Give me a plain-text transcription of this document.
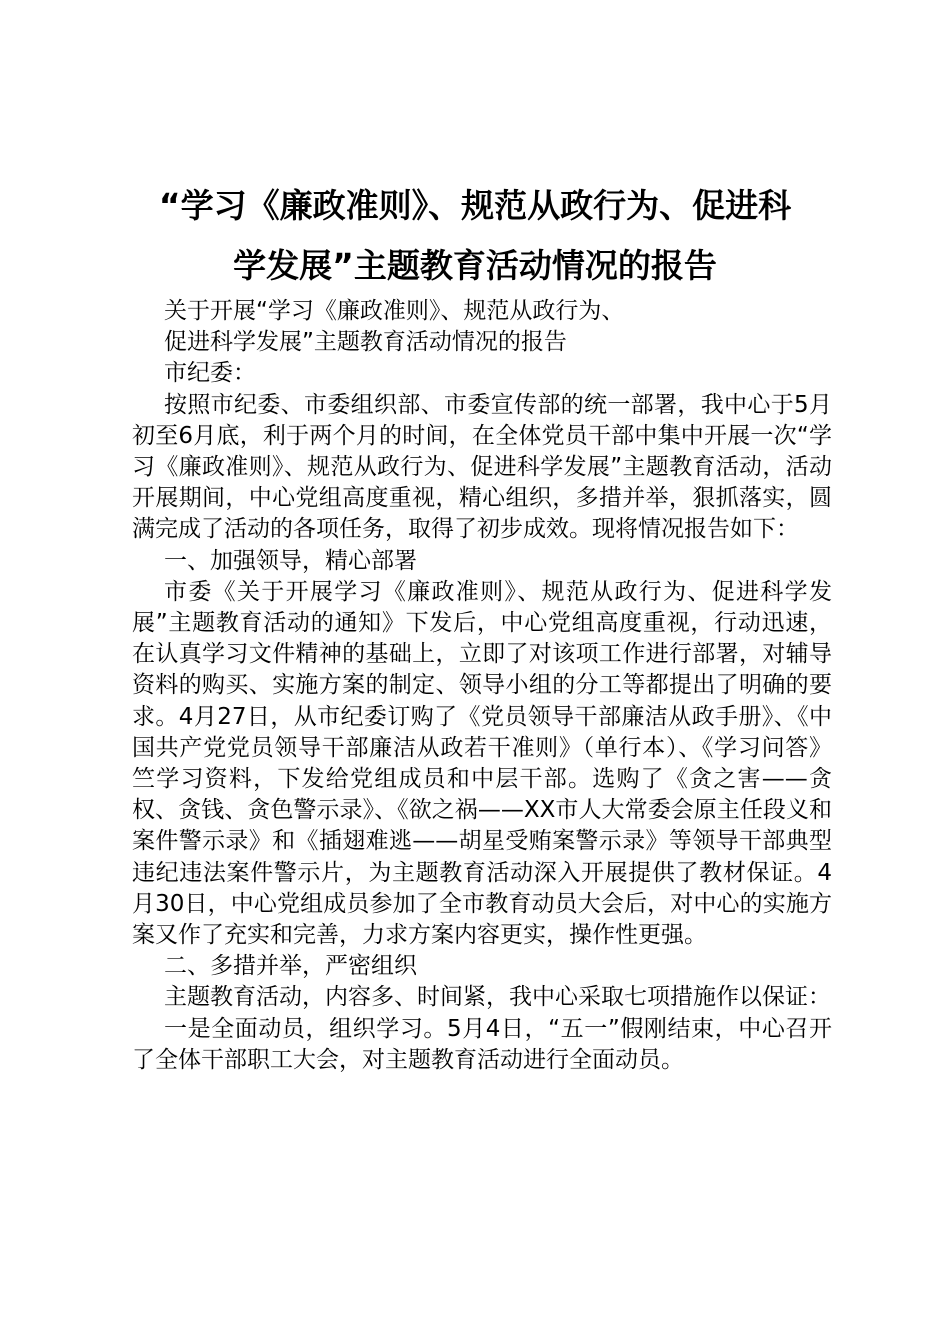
“学习《廉政准则》、规范从政行为、促进科
学发展”主题教育活动情况的报告

关于开展“学习《廉政准则》、规范从政行为、

促进科学发展”主题教育活动情况的报告

市纪委：

按照市纪委、市委组织部、市委宣传部的统一部署，我中心于5月初至6月底，利于两个月的时间，在全体党员干部中集中开展一次“学习《廉政准则》、规范从政行为、促进科学发展”主题教育活动，活动开展期间，中心党组高度重视，精心组织，多措并举，狠抓落实，圆满完成了活动的各项任务，取得了初步成效。现将情况报告如下：

一、加强领导，精心部署

市委《关于开展学习《廉政准则》、规范从政行为、促进科学发展”主题教育活动的通知》下发后，中心党组高度重视，行动迅速，在认真学习文件精神的基础上，立即了对该项工作进行部署，对辅导资料的购买、实施方案的制定、领导小组的分工等都提出了明确的要求。4月27日，从市纪委订购了《党员领导干部廉洁从政手册》、《中国共产党党员领导干部廉洁从政若干准则》（单行本）、《学习问答》竺学习资料，下发给党组成员和中层干部。选购了《贪之害——贪权、贪钱、贪色警示录》、《欲之祸——XX市人大常委会原主任段义和案件警示录》和《插翅难逃——胡星受贿案警示录》等领导干部典型违纪违法案件警示片，为主题教育活动深入开展提供了教材保证。4月30日，中心党组成员参加了全市教育动员大会后，对中心的实施方案又作了充实和完善，力求方案内容更实，操作性更强。

二、多措并举，严密组织

主题教育活动，内容多、时间紧，我中心采取七项措施作以保证：

一是全面动员，组织学习。5月4日，“五一”假刚结束，中心召开了全体干部职工大会，对主题教育活动进行全面动员。
